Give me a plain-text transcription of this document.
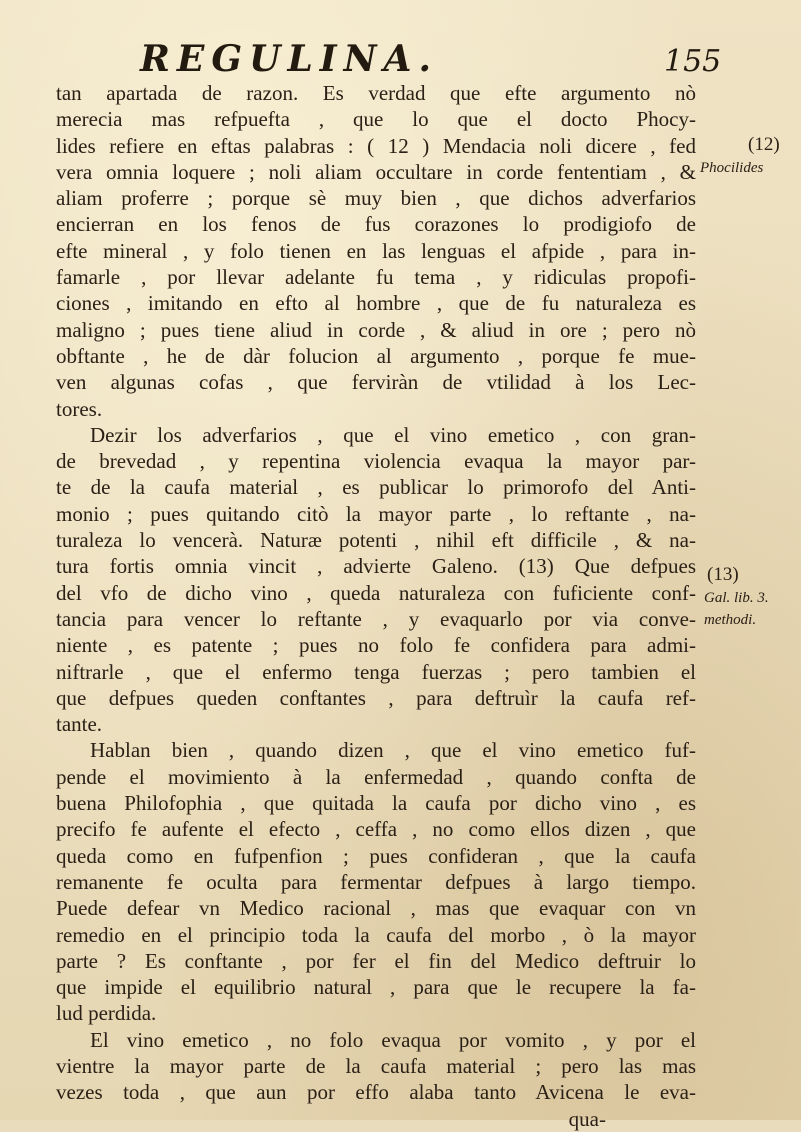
REGULINA.	155
tan apartada de razon. Es verdad que efte argumento nò
merecia mas refpuefta , que lo que el docto Phocy-
lides refiere en eftas palabras : ( 12 ) Mendacia noli dicere , fed
vera omnia loquere ; noli aliam occultare in corde fententiam , &
aliam proferre ; porque sè muy bien , que dichos adverfarios
encierran en los fenos de fus corazones lo prodigiofo de
efte mineral , y folo tienen en las lenguas el afpide , para in-
famarle , por llevar adelante fu tema , y ridiculas propofi-
ciones , imitando en efto al hombre , que de fu naturaleza es
maligno ; pues tiene aliud in corde , & aliud in ore ; pero nò
obftante , he de dàr folucion al argumento , porque fe mue-
ven algunas cofas , que ferviràn de vtilidad à los Lec-
tores.
Dezir los adverfarios , que el vino emetico , con gran-
de brevedad , y repentina violencia evaqua la mayor par-
te de la caufa material , es publicar lo primorofo del Anti-
monio ; pues quitando citò la mayor parte , lo reftante , na-
turaleza lo vencerà. Naturæ potenti , nihil eft difficile , & na-
tura fortis omnia vincit , advierte Galeno. (13) Que defpues
del vfo de dicho vino , queda naturaleza con fuficiente conf-
tancia para vencer lo reftante , y evaquarlo por via conve-
niente , es patente ; pues no folo fe confidera para admi-
niftrarle , que el enfermo tenga fuerzas ; pero tambien el
que defpues queden conftantes , para deftruìr la caufa ref-
tante.
Hablan bien , quando dizen , que el vino emetico fuf-
pende el movimiento à la enfermedad , quando confta de
buena Philofophia , que quitada la caufa por dicho vino , es
precifo fe aufente el efecto , ceffa , no como ellos dizen , que
queda como en fufpenfion ; pues confideran , que la caufa
remanente fe oculta para fermentar defpues à largo tiempo.
Puede defear vn Medico racional , mas que evaquar con vn
remedio en el principio toda la caufa del morbo , ò la mayor
parte ? Es conftante , por fer el fin del Medico deftruir lo
que impide el equilibrio natural , para que le recupere la fa-
lud perdida.
El vino emetico , no folo evaqua por vomito , y por el
vientre la mayor parte de la caufa material ; pero las mas
vezes toda , que aun por effo alaba tanto Avicena le eva-
qua-
(12)
Phocilides
(13)
Gal. lib. 3.
methodi.
